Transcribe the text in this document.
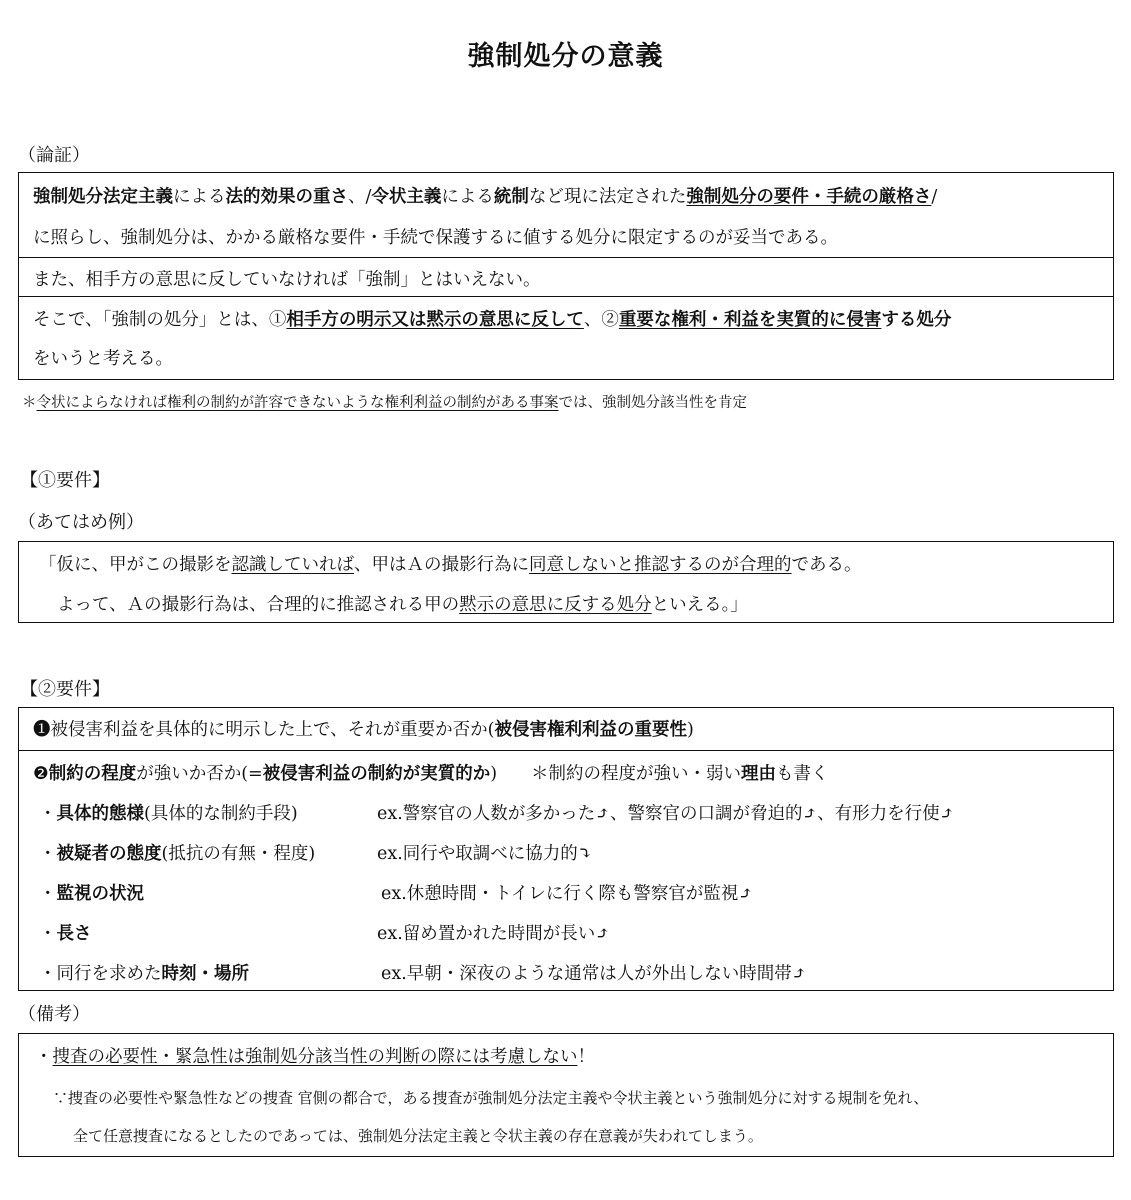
強制処分の意義
（論証）
強制処分法定主義による法的効果の重さ、/令状主義による統制など現に法定された強制処分の要件・手続の厳格さ/
に照らし、強制処分は、かかる厳格な要件・手続で保護するに値する処分に限定するのが妥当である。
また、相手方の意思に反していなければ「強制」とはいえない。
そこで、「強制の処分」とは、①相手方の明示又は黙示の意思に反して、②重要な権利・利益を実質的に侵害する処分
をいうと考える。
＊令状によらなければ権利の制約が許容できないような権利利益の制約がある事案では、強制処分該当性を肯定
【①要件】
（あてはめ例）
「仮に、甲がこの撮影を認識していれば、甲はＡの撮影行為に同意しないと推認するのが合理的である。
よって、Ａの撮影行為は、合理的に推認される甲の黙示の意思に反する処分といえる。」
【②要件】
❶被侵害利益を具体的に明示した上で、それが重要か否か(被侵害権利利益の重要性)
❷制約の程度が強いか否か(=被侵害利益の制約が実質的か) ＊制約の程度が強い・弱い理由も書く
・具体的態様(具体的な制約手段)	ex.警察官の人数が多かった⤴、警察官の口調が脅迫的⤴、有形力を行使⤴
・被疑者の態度(抵抗の有無・程度)	ex.同行や取調べに協力的⤵
・監視の状況	ex.休憩時間・トイレに行く際も警察官が監視⤴
・長さ	ex.留め置かれた時間が長い⤴
・同行を求めた時刻・場所	ex.早朝・深夜のような通常は人が外出しない時間帯⤴
（備考）
・捜査の必要性・緊急性は強制処分該当性の判断の際には考慮しない！
∵捜査の必要性や緊急性などの捜査 官側の都合で，ある捜査が強制処分法定主義や令状主義という強制処分に対する規制を免れ、
全て任意捜査になるとしたのであっては、強制処分法定主義と令状主義の存在意義が失われてしまう。
